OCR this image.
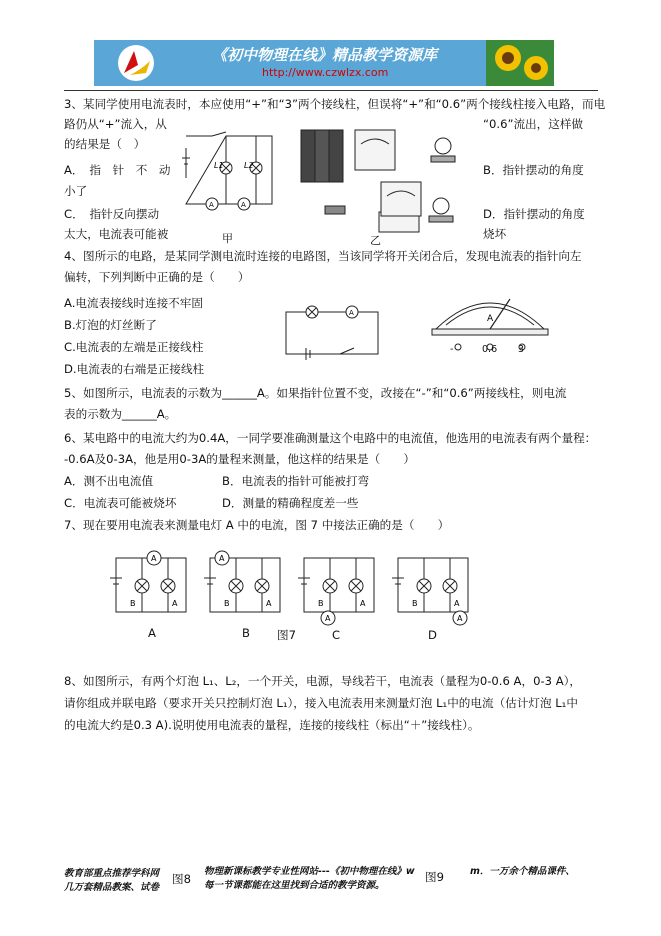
《初中物理在线》精品教学资源库
http://www.czwlzx.com
3、某同学使用电流表时，本应使用“+”和“3”两个接线柱，但误将“+”和“0.6”两个接线柱接入电路，而电
路仍从“+”流入，从	“0.6”流出，这样做
的结果是（　）
A．　指　针　不　动
小了
B．指针摆动的角度
C．　指针反向摆动
太大，电流表可能被
D．指针摆动的角度
烧坏
L1	L2
A	A
甲	乙
4、图所示的电路，是某同学测电流时连接的电路图，当该同学将开关闭合后，发现电流表的指针向左
偏转，下列判断中正确的是（　　）
A.电流表接线时连接不牢固
B.灯泡的灯丝断了
C.电流表的左端是正接线柱
D.电流表的右端是正接线柱
A
A
-	0.6 3
5、如图所示，电流表的示数为______A。如果指针位置不变，改接在“-”和“0.6”两接线柱，则电流
表的示数为______A。
6、某电路中的电流大约为0.4A，一同学要准确测量这个电路中的电流值，他选用的电流表有两个量程：
-0.6A及0-3A，他是用0-3A的量程来测量，他这样的结果是（　　）
A．测不出电流值	B．电流表的指针可能被打弯
C．电流表可能被烧坏	D．测量的精确程度差一些
7、现在要用电流表来测量电灯 A 中的电流，图 7 中接法正确的是（　　）
A	A
A	A
B	A	B	A	B	A	B	A
A	B	C	D
图7
8、如图所示，有两个灯泡 L₁、L₂，一个开关，电源，导线若干，电流表（量程为0-0.6 A，0-3 A），
请你组成并联电路（要求开关只控制灯泡 L₁），接入电流表用来测量灯泡 L₁中的电流（估计灯泡 L₁中
的电流大约是0.3 A).说明使用电流表的量程，连接的接线柱（标出“＋”接线柱）。
教育部重点推荐学科网
几万套精品教案、试卷
图8
物理新课标教学专业性网站---《初中物理在线》w
每一节课都能在这里找到合适的教学资源。
图9	m．一万余个精品课件、
